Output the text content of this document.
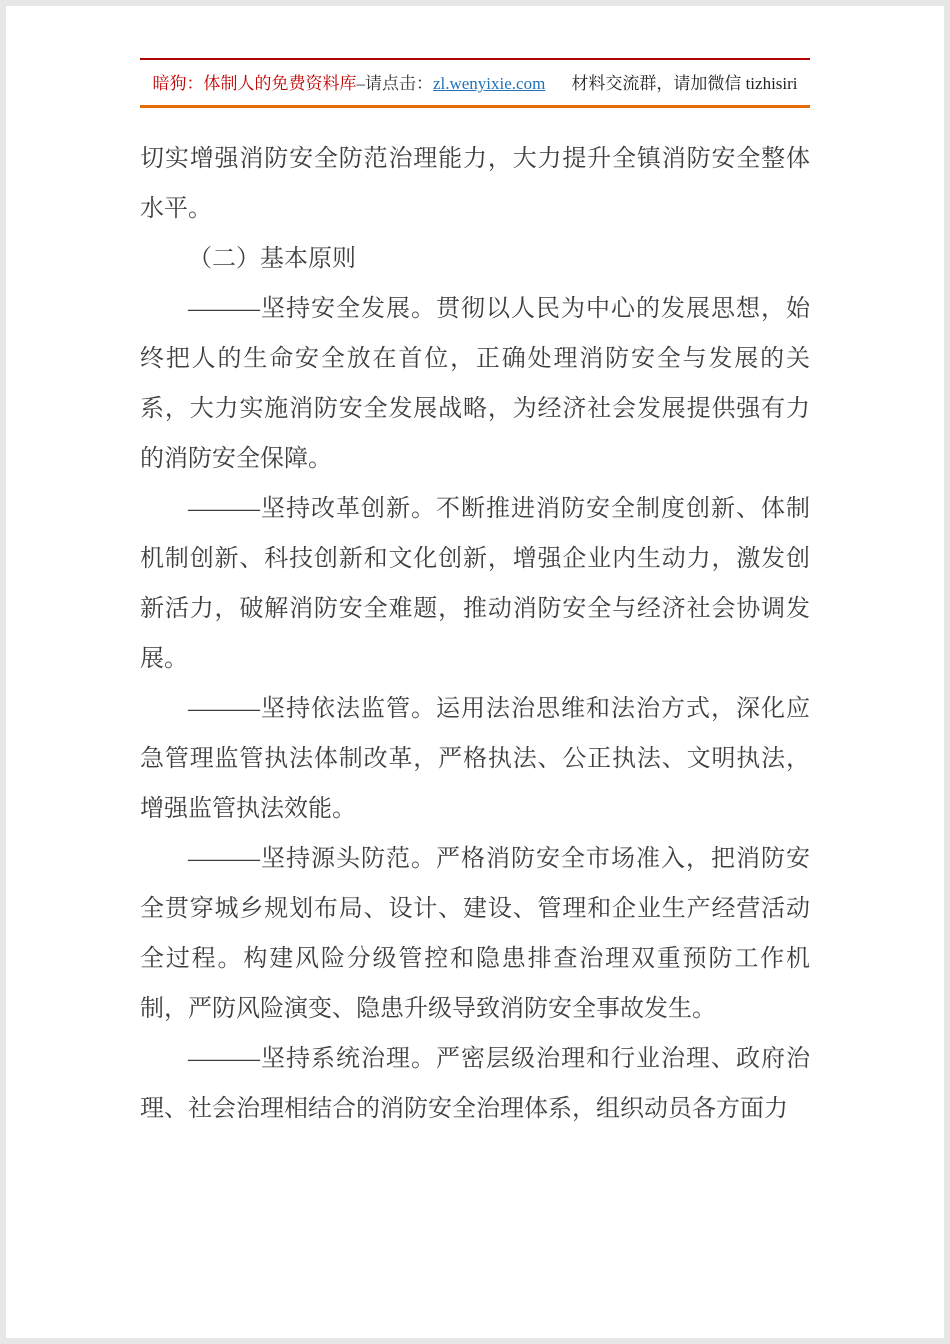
暗狗：体制人的免费资料库–请点击：zl.wenyixie.com 材料交流群，请加微信 tizhisiri

切实增强消防安全防范治理能力，大力提升全镇消防安全整体水平。

（二）基本原则

———坚持安全发展。贯彻以人民为中心的发展思想，始终把人的生命安全放在首位，正确处理消防安全与发展的关系，大力实施消防安全发展战略，为经济社会发展提供强有力的消防安全保障。

———坚持改革创新。不断推进消防安全制度创新、体制机制创新、科技创新和文化创新，增强企业内生动力，激发创新活力，破解消防安全难题，推动消防安全与经济社会协调发展。

———坚持依法监管。运用法治思维和法治方式，深化应急管理监管执法体制改革，严格执法、公正执法、文明执法，增强监管执法效能。

———坚持源头防范。严格消防安全市场准入，把消防安全贯穿城乡规划布局、设计、建设、管理和企业生产经营活动全过程。构建风险分级管控和隐患排查治理双重预防工作机制，严防风险演变、隐患升级导致消防安全事故发生。

———坚持系统治理。严密层级治理和行业治理、政府治理、社会治理相结合的消防安全治理体系，组织动员各方面力
